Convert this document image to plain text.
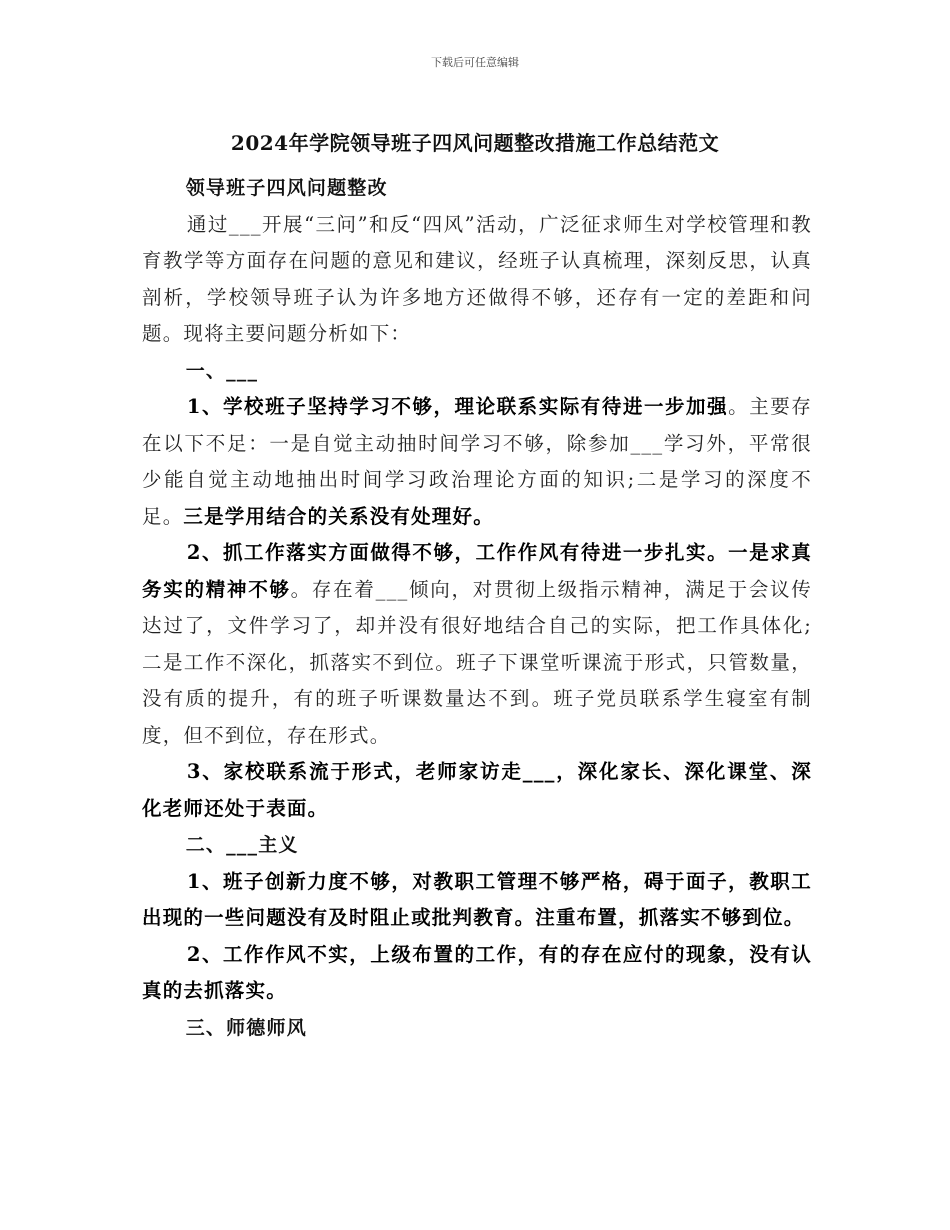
下载后可任意编辑
2024年学院领导班子四风问题整改措施工作总结范文

领导班子四风问题整改

通过___开展“三问”和反“四风”活动，广泛征求师生对学校管理和教育教学等方面存在问题的意见和建议，经班子认真梳理，深刻反思，认真剖析，学校领导班子认为许多地方还做得不够，还存有一定的差距和问题。现将主要问题分析如下：

一、___

1、学校班子坚持学习不够，理论联系实际有待进一步加强。主要存在以下不足：一是自觉主动抽时间学习不够，除参加___学习外，平常很少能自觉主动地抽出时间学习政治理论方面的知识;二是学习的深度不足。三是学用结合的关系没有处理好。

2、抓工作落实方面做得不够，工作作风有待进一步扎实。一是求真务实的精神不够。存在着___倾向，对贯彻上级指示精神，满足于会议传达过了，文件学习了，却并没有很好地结合自己的实际，把工作具体化;二是工作不深化，抓落实不到位。班子下课堂听课流于形式，只管数量，没有质的提升，有的班子听课数量达不到。班子党员联系学生寝室有制度，但不到位，存在形式。

3、家校联系流于形式，老师家访走___，深化家长、深化课堂、深化老师还处于表面。

二、___主义

1、班子创新力度不够，对教职工管理不够严格，碍于面子，教职工出现的一些问题没有及时阻止或批判教育。注重布置，抓落实不够到位。

2、工作作风不实，上级布置的工作，有的存在应付的现象，没有认真的去抓落实。

三、师德师风
